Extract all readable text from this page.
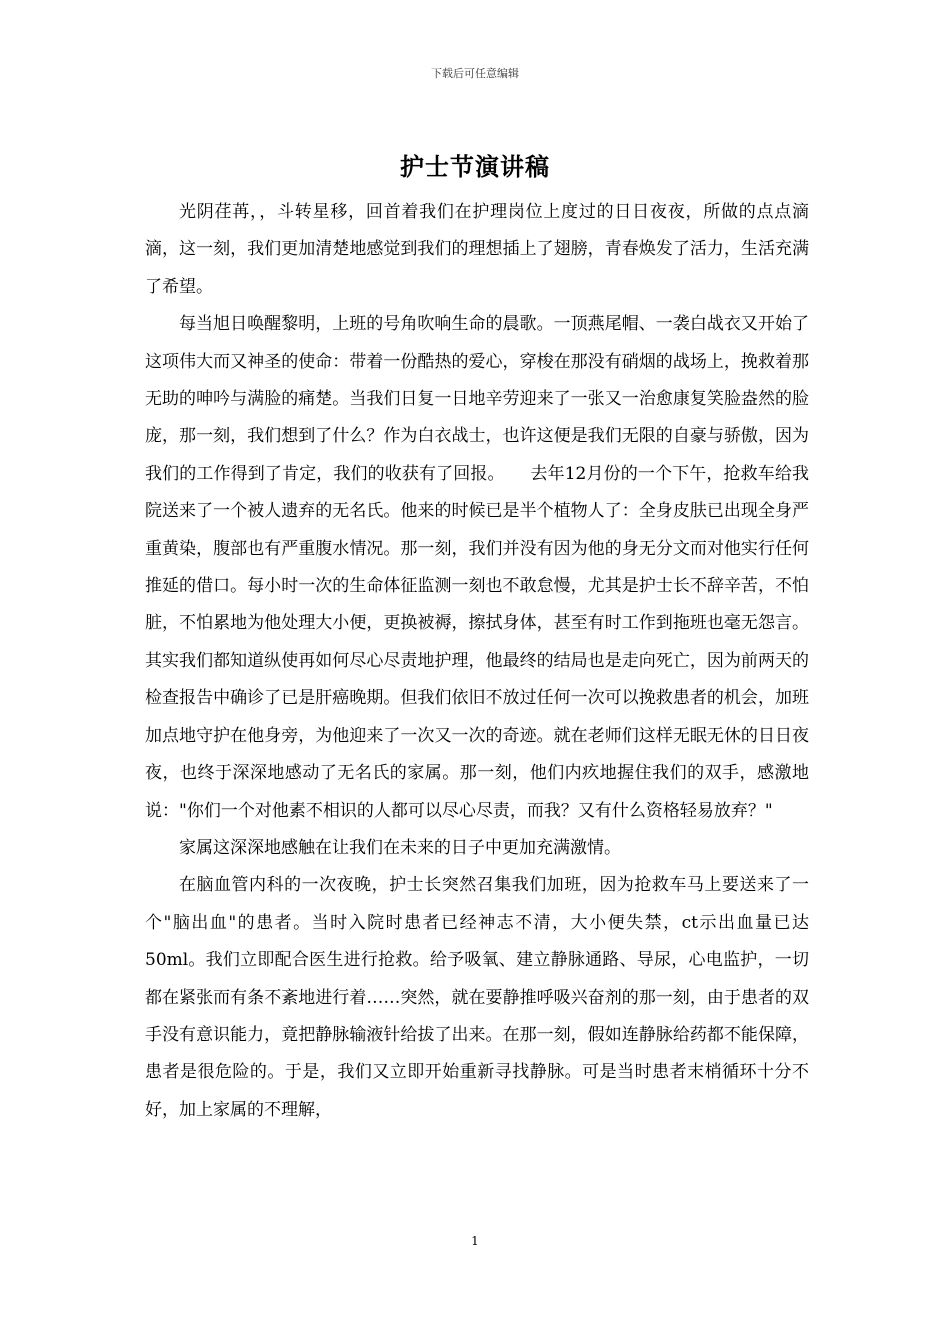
下载后可任意编辑
护士节演讲稿

光阴荏苒，，斗转星移，回首着我们在护理岗位上度过的日日夜夜，所做的点点滴滴，这一刻，我们更加清楚地感觉到我们的理想插上了翅膀，青春焕发了活力，生活充满了希望。

每当旭日唤醒黎明，上班的号角吹响生命的晨歌。一顶燕尾帽、一袭白战衣又开始了这项伟大而又神圣的使命：带着一份酷热的爱心，穿梭在那没有硝烟的战场上，挽救着那无助的呻吟与满脸的痛楚。当我们日复一日地辛劳迎来了一张又一治愈康复笑脸盎然的脸庞，那一刻，我们想到了什么？作为白衣战士，也许这便是我们无限的自豪与骄傲，因为我们的工作得到了肯定，我们的收获有了回报。　　去年12月份的一个下午，抢救车给我院送来了一个被人遗弃的无名氏。他来的时候已是半个植物人了：全身皮肤已出现全身严重黄染，腹部也有严重腹水情况。那一刻，我们并没有因为他的身无分文而对他实行任何推延的借口。每小时一次的生命体征监测一刻也不敢怠慢，尤其是护士长不辞辛苦，不怕脏，不怕累地为他处理大小便，更换被褥，擦拭身体，甚至有时工作到拖班也毫无怨言。其实我们都知道纵使再如何尽心尽责地护理，他最终的结局也是走向死亡，因为前两天的检查报告中确诊了已是肝癌晚期。但我们依旧不放过任何一次可以挽救患者的机会，加班加点地守护在他身旁，为他迎来了一次又一次的奇迹。就在老师们这样无眠无休的日日夜夜，也终于深深地感动了无名氏的家属。那一刻，他们内疚地握住我们的双手，感激地说："你们一个对他素不相识的人都可以尽心尽责，而我？又有什么资格轻易放弃？"

家属这深深地感触在让我们在未来的日子中更加充满激情。

在脑血管内科的一次夜晚，护士长突然召集我们加班，因为抢救车马上要送来了一个"脑出血"的患者。当时入院时患者已经神志不清，大小便失禁，ct示出血量已达50ml。我们立即配合医生进行抢救。给予吸氧、建立静脉通路、导尿，心电监护，一切都在紧张而有条不紊地进行着……突然，就在要静推呼吸兴奋剂的那一刻，由于患者的双手没有意识能力，竟把静脉输液针给拔了出来。在那一刻，假如连静脉给药都不能保障，患者是很危险的。于是，我们又立即开始重新寻找静脉。可是当时患者末梢循环十分不好，加上家属的不理解，

1
